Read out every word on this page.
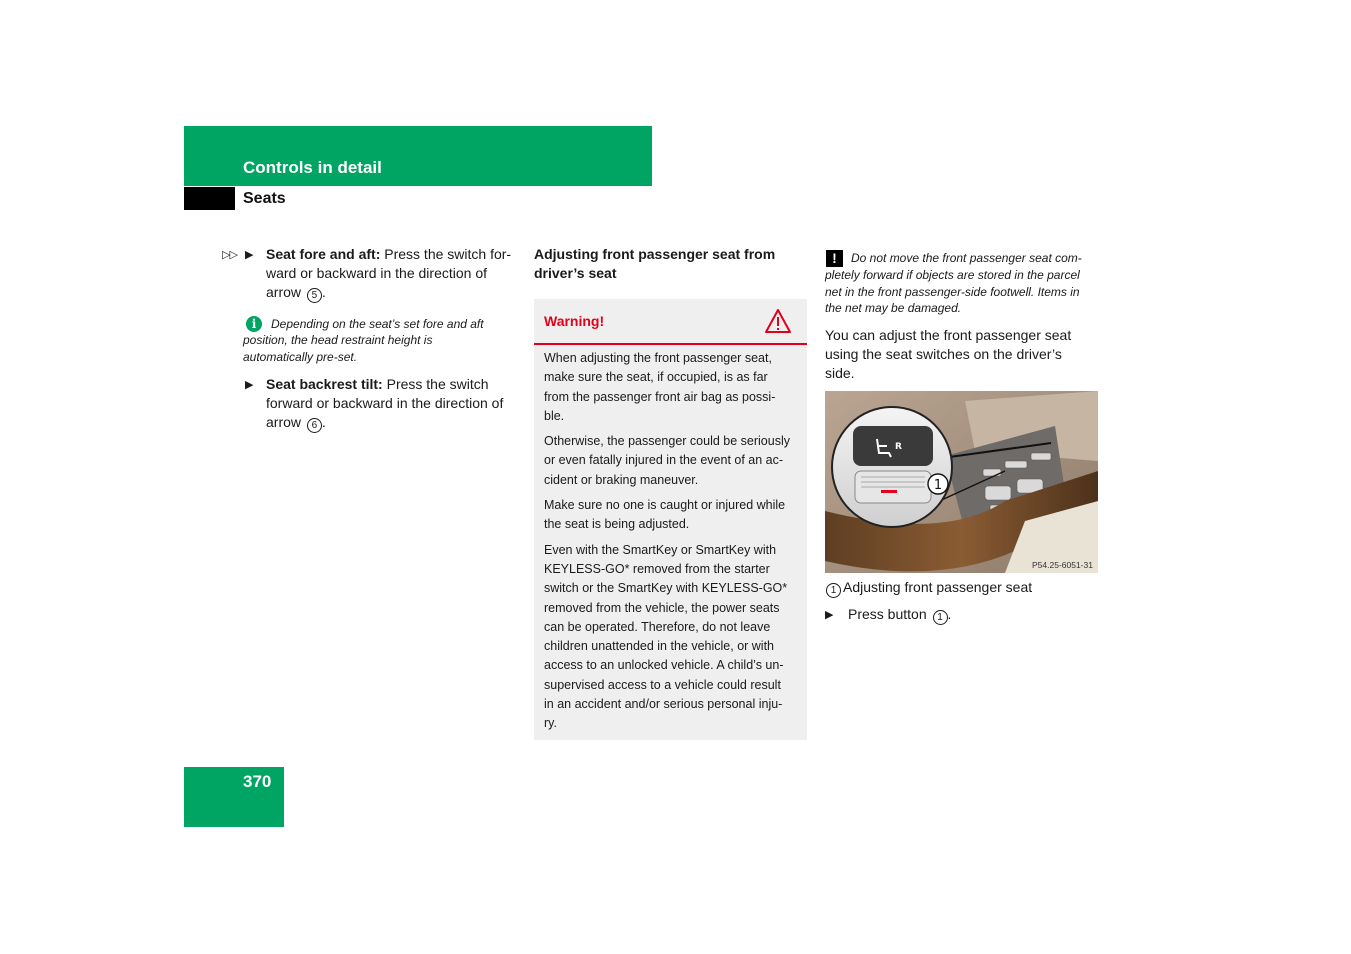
Controls in detail
Seats
▷▷ ▶ Seat fore and aft: Press the switch for-
ward or backward in the direction of
arrow 5 .
i	Depending on the seat’s set fore and aft
position, the head restraint height is
automatically pre-set.
▶ Seat backrest tilt: Press the switch
forward or backward in the direction of
arrow 6 .
Adjusting front passenger seat from
driver’s seat
Warning!
When adjusting the front passenger seat,
make sure the seat, if occupied, is as far
from the passenger front air bag as possi-
ble.
Otherwise, the passenger could be seriously
or even fatally injured in the event of an ac-
cident or braking maneuver.
Make sure no one is caught or injured while
the seat is being adjusted.
Even with the SmartKey or SmartKey with
KEYLESS-GO* removed from the starter
switch or the SmartKey with KEYLESS-GO*
removed from the vehicle, the power seats
can be operated. Therefore, do not leave
children unattended in the vehicle, or with
access to an unlocked vehicle. A child’s un-
supervised access to a vehicle could result
in an accident and/or serious personal inju-
ry.
!	Do not move the front passenger seat com-
pletely forward if objects are stored in the parcel
net in the front passenger-side footwell. Items in
the net may be damaged.
You can adjust the front passenger seat
using the seat switches on the driver’s
side.
R
1
P54.25-6051-31
1 Adjusting front passenger seat
▶ Press button 1 .
370
